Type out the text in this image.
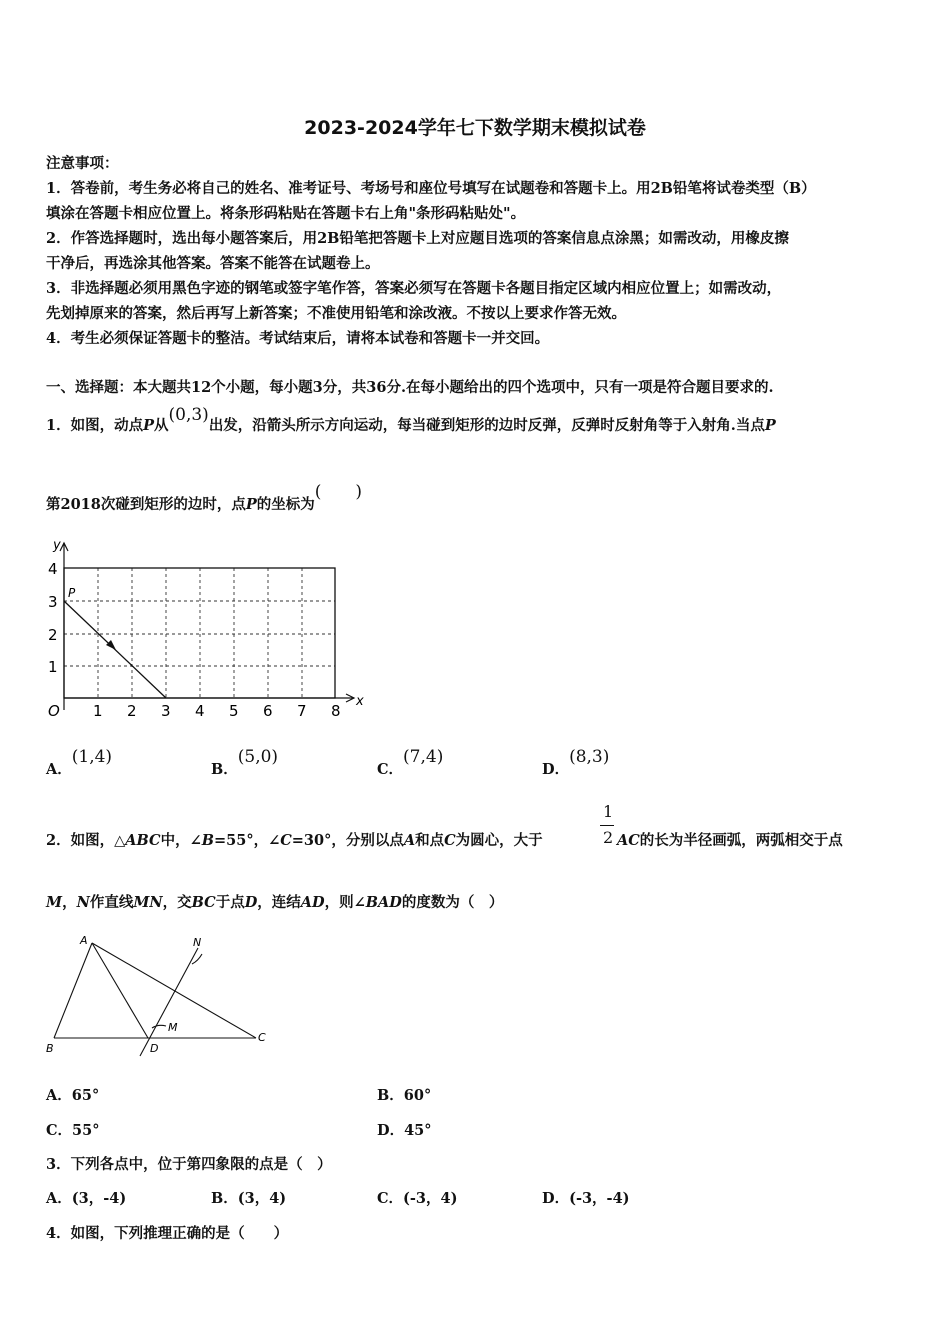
2023-2024学年七下数学期末模拟试卷
注意事项：
1．答卷前，考生务必将自己的姓名、准考证号、考场号和座位号填写在试题卷和答题卡上。用2B铅笔将试卷类型（B）
填涂在答题卡相应位置上。将条形码粘贴在答题卡右上角"条形码粘贴处"。
2．作答选择题时，选出每小题答案后，用2B铅笔把答题卡上对应题目选项的答案信息点涂黑；如需改动，用橡皮擦
干净后，再选涂其他答案。答案不能答在试题卷上。
3．非选择题必须用黑色字迹的钢笔或签字笔作答，答案必须写在答题卡各题目指定区域内相应位置上；如需改动，
先划掉原来的答案，然后再写上新答案；不准使用铅笔和涂改液。不按以上要求作答无效。
4．考生必须保证答题卡的整洁。考试结束后，请将本试卷和答题卡一并交回。
一、选择题：本大题共12个小题，每小题3分，共36分.在每小题给出的四个选项中，只有一项是符合题目要求的.
1．如图，动点P从(0,3)出发，沿箭头所示方向运动，每当碰到矩形的边时反弹，反弹时反射角等于入射角.当点P
第2018次碰到矩形的边时，点P的坐标为(　　)
y
x
O
P
1 2 3 4 5 6 7 8
1
2
3
4
A．(1,4)
B．(5,0)
C．(7,4)
D．(8,3)
1
2
2．如图，△ABC中，∠B=55°，∠C=30°，分别以点A和点C为圆心，大于	AC的长为半径画弧，两弧相交于点
M，N作直线MN，交BC于点D，连结AD，则∠BAD的度数为（　）
A
B
C
D
M
N
A．65°	B．60°
C．55°	D．45°
3．下列各点中，位于第四象限的点是（　）
A．(3，-4)	B．(3，4)	C．(-3，4)	D．(-3，-4)
4．如图，下列推理正确的是（　　）
